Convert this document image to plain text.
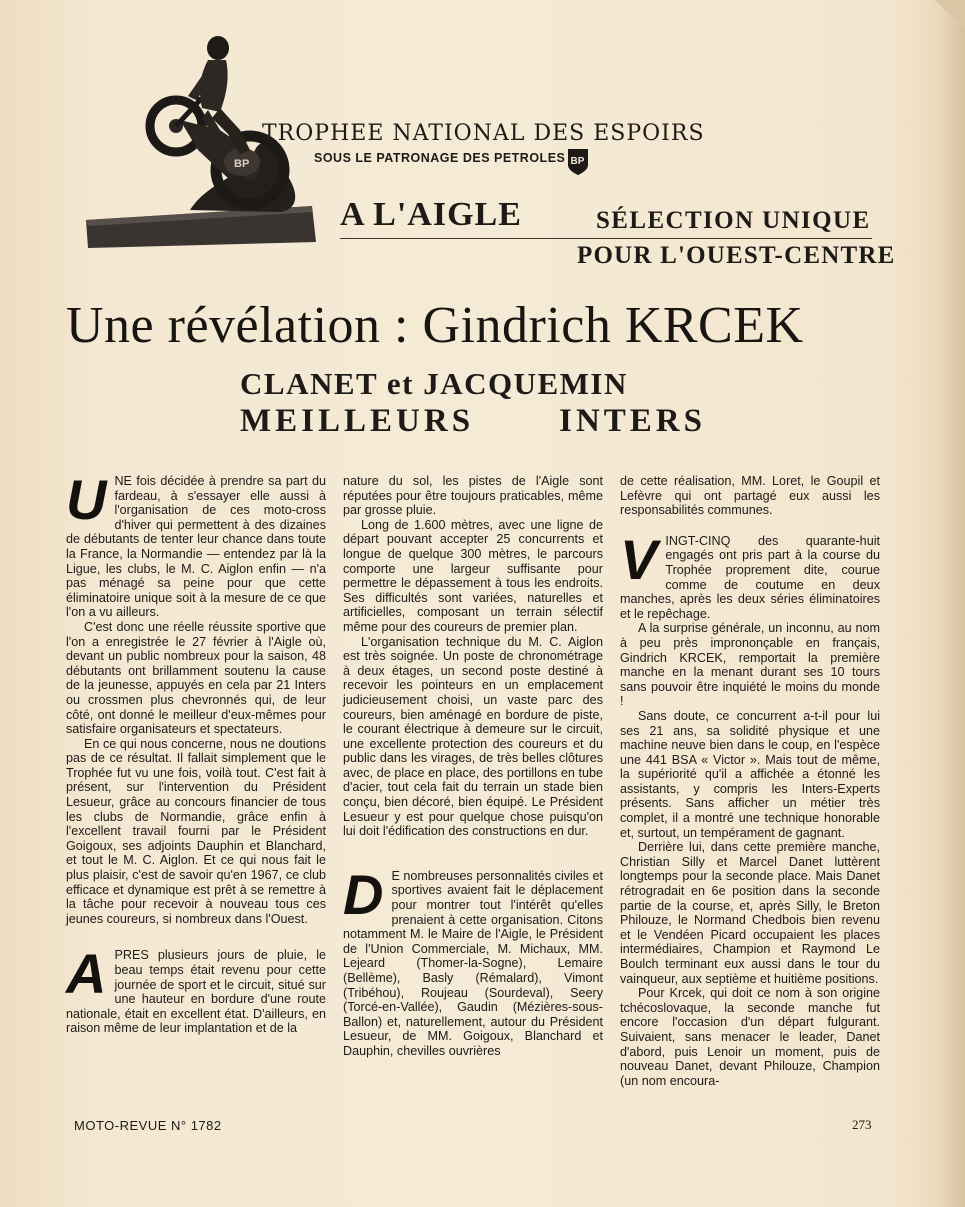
BP
TROPHEE NATIONAL DES ESPOIRS
SOUS LE PATRONAGE DES PETROLES BP
A L'AIGLE	SÉLECTION UNIQUE
POUR L'OUEST-CENTRE
Une révélation : Gindrich KRCEK
CLANET et JACQUEMIN
MEILLEURS	INTERS

U NE fois décidée à prendre sa part du fardeau, à s'essayer elle aussi à l'organisation de ces moto-cross d'hiver qui permettent à des dizaines de débutants de tenter leur chance dans toute la France, la Normandie — entendez par là la Ligue, les clubs, le M. C. Aiglon enfin — n'a pas ménagé sa peine pour que cette éliminatoire unique soit à la mesure de ce que l'on a vu ailleurs.

C'est donc une réelle réussite sportive que l'on a enregistrée le 27 février à l'Aigle où, devant un public nombreux pour la saison, 48 débutants ont brillamment soutenu la cause de la jeunesse, appuyés en cela par 21 Inters ou crossmen plus chevronnés qui, de leur côté, ont donné le meilleur d'eux-mêmes pour satisfaire organisateurs et spectateurs.

En ce qui nous concerne, nous ne doutions pas de ce résultat. Il fallait simplement que le Trophée fut vu une fois, voilà tout. C'est fait à présent, sur l'intervention du Président Lesueur, grâce au concours financier de tous les clubs de Normandie, grâce enfin à l'excellent travail fourni par le Président Goigoux, ses adjoints Dauphin et Blanchard, et tout le M. C. Aiglon. Et ce qui nous fait le plus plaisir, c'est de savoir qu'en 1967, ce club efficace et dynamique est prêt à se remettre à la tâche pour recevoir à nouveau tous ces jeunes coureurs, si nombreux dans l'Ouest.

A PRES plusieurs jours de pluie, le beau temps était revenu pour cette journée de sport et le circuit, situé sur une hauteur en bordure d'une route nationale, était en excellent état. D'ailleurs, en raison même de leur implantation et de la

nature du sol, les pistes de l'Aigle sont réputées pour être toujours praticables, même par grosse pluie.

Long de 1.600 mètres, avec une ligne de départ pouvant accepter 25 concurrents et longue de quelque 300 mètres, le parcours comporte une largeur suffisante pour permettre le dépassement à tous les endroits. Ses difficultés sont variées, naturelles et artificielles, composant un terrain sélectif même pour des coureurs de premier plan.

L'organisation technique du M. C. Aiglon est très soignée. Un poste de chronométrage à deux étages, un second poste destiné à recevoir les pointeurs en un emplacement judicieusement choisi, un vaste parc des coureurs, bien aménagé en bordure de piste, le courant électrique à demeure sur le circuit, une excellente protection des coureurs et du public dans les virages, de très belles clôtures avec, de place en place, des portillons en tube d'acier, tout cela fait du terrain un stade bien conçu, bien décoré, bien équipé. Le Président Lesueur y est pour quelque chose puisqu'on lui doit l'édification des constructions en dur.

D E nombreuses personnalités civiles et sportives avaient fait le déplacement pour montrer tout l'intérêt qu'elles prenaient à cette organisation. Citons notamment M. le Maire de l'Aigle, le Président de l'Union Commerciale, M. Michaux, MM. Lejeard (Thomer-la-Sogne), Lemaire (Bellème), Basly (Rémalard), Vimont (Tribéhou), Roujeau (Sourdeval), Seery (Torcé-en-Vallée), Gaudin (Mézières-sous-Ballon) et, naturellement, autour du Président Lesueur, de MM. Goigoux, Blanchard et Dauphin, chevilles ouvrières

de cette réalisation, MM. Loret, le Goupil et Lefèvre qui ont partagé eux aussi les responsabilités communes.

V INGT-CINQ des quarante-huit engagés ont pris part à la course du Trophée proprement dite, courue comme de coutume en deux manches, après les deux séries éliminatoires et le repêchage.

A la surprise générale, un inconnu, au nom à peu près imprononçable en français, Gindrich KRCEK, remportait la première manche en la menant durant ses 10 tours sans pouvoir être inquiété le moins du monde !

Sans doute, ce concurrent a-t-il pour lui ses 21 ans, sa solidité physique et une machine neuve bien dans le coup, en l'espèce une 441 BSA « Victor ». Mais tout de même, la supériorité qu'il a affichée a étonné les assistants, y compris les Inters-Experts présents. Sans afficher un métier très complet, il a montré une technique honorable et, surtout, un tempérament de gagnant.

Derrière lui, dans cette première manche, Christian Silly et Marcel Danet luttèrent longtemps pour la seconde place. Mais Danet rétrogradait en 6e position dans la seconde partie de la course, et, après Silly, le Breton Philouze, le Normand Chedbois bien revenu et le Vendéen Picard occupaient les places intermédiaires, Champion et Raymond Le Boulch terminant eux aussi dans le tour du vainqueur, aux septième et huitième positions.

Pour Krcek, qui doit ce nom à son origine tchécoslovaque, la seconde manche fut encore l'occasion d'un départ fulgurant. Suivaient, sans menacer le leader, Danet d'abord, puis Lenoir un moment, puis de nouveau Danet, devant Philouze, Champion (un nom encoura-

MOTO-REVUE N° 1782	273
